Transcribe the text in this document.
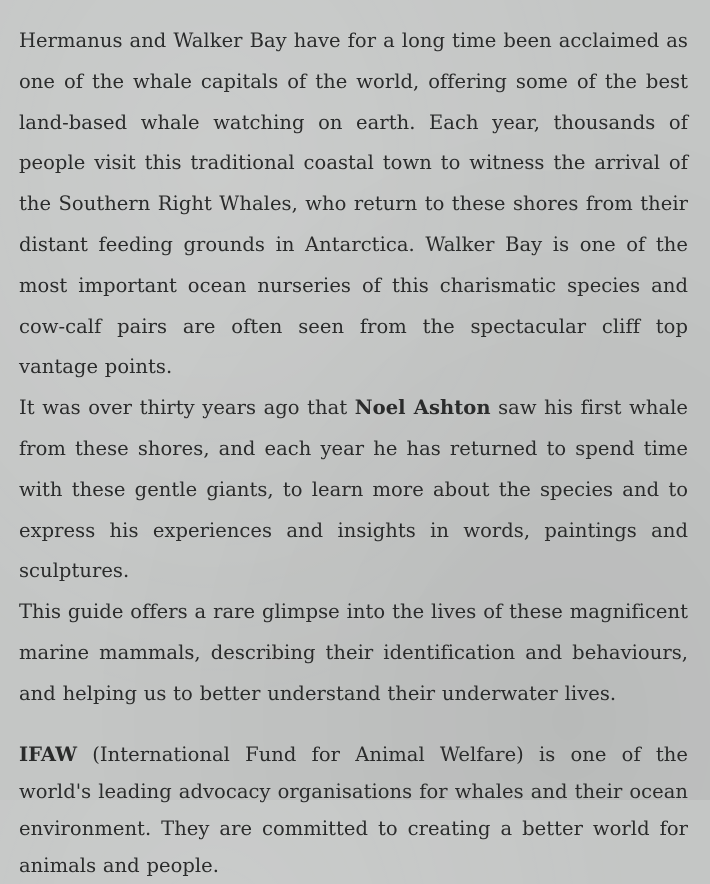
Hermanus and Walker Bay have for a long time been acclaimed as one of the whale capitals of the world, offering some of the best land-based whale watching on earth. Each year, thousands of people visit this traditional coastal town to witness the arrival of the Southern Right Whales, who return to these shores from their distant feeding grounds in Antarctica. Walker Bay is one of the most important ocean nurseries of this charismatic species and cow-calf pairs are often seen from the spectacular cliff top vantage points.

It was over thirty years ago that Noel Ashton saw his first whale from these shores, and each year he has returned to spend time with these gentle giants, to learn more about the species and to express his experiences and insights in words, paintings and sculptures.

This guide offers a rare glimpse into the lives of these magnificent marine mammals, describing their identification and behaviours, and helping us to better understand their underwater lives.

IFAW (International Fund for Animal Welfare) is one of the world's leading advocacy organisations for whales and their ocean environment. They are committed to creating a better world for animals and people.
